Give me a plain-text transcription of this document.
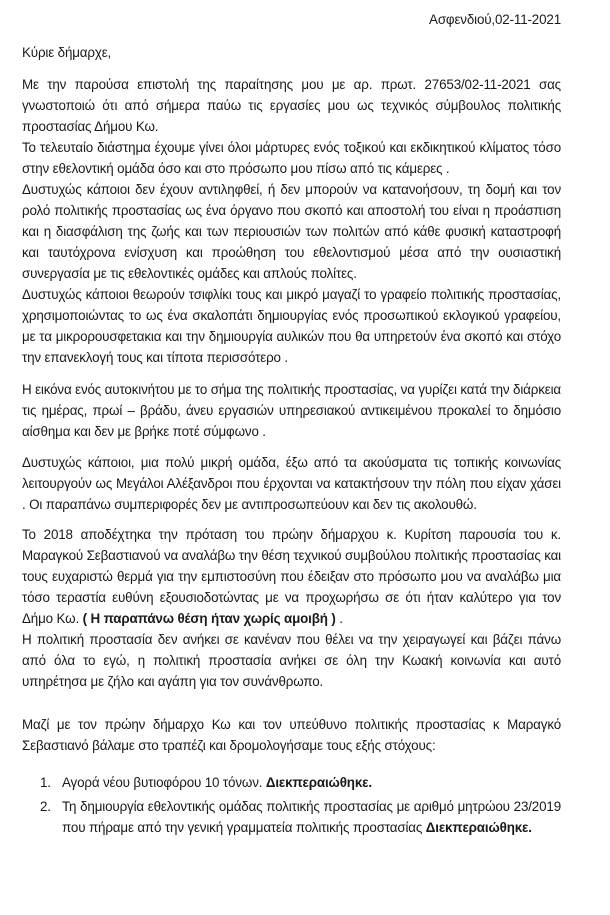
Ασφενδιού,02-11-2021
Κύριε δήμαρχε,

Με την παρούσα επιστολή της παραίτησης μου με αρ. πρωτ. 27653/02-11-2021 σας γνωστοποιώ ότι από σήμερα παύω τις εργασίες μου ως τεχνικός σύμβουλος πολιτικής προστασίας Δήμου Κω.

Το τελευταίο διάστημα έχουμε γίνει όλοι μάρτυρες ενός τοξικού και εκδικητικού κλίματος τόσο στην εθελοντική ομάδα όσο και στο πρόσωπο μου πίσω από τις κάμερες .

Δυστυχώς κάποιοι δεν έχουν αντιληφθεί, ή δεν μπορούν να κατανοήσουν, τη δομή και τον ρολό πολιτικής προστασίας ως ένα όργανο που σκοπό και αποστολή του είναι η προάσπιση και η διασφάλιση της ζωής και των περιουσιών των πολιτών από κάθε φυσική καταστροφή και ταυτόχρονα ενίσχυση και προώθηση του εθελοντισμού μέσα από την ουσιαστική συνεργασία με τις εθελοντικές ομάδες και απλούς πολίτες.

Δυστυχώς κάποιοι θεωρούν τσιφλίκι τους και μικρό μαγαζί το γραφείο πολιτικής προστασίας, χρησιμοποιώντας το ως ένα σκαλοπάτι δημιουργίας ενός προσωπικού εκλογικού γραφείου, με τα μικρορουσφετακια και την δημιουργία αυλικών που θα υπηρετούν ένα σκοπό και στόχο την επανεκλογή τους και τίποτα περισσότερο .

Η εικόνα ενός αυτοκινήτου με το σήμα της πολιτικής προστασίας, να γυρίζει κατά την διάρκεια τις ημέρας, πρωί – βράδυ, άνευ εργασιών υπηρεσιακού αντικειμένου προκαλεί το δημόσιο αίσθημα και δεν με βρήκε ποτέ σύμφωνο .

Δυστυχώς κάποιοι, μια πολύ μικρή ομάδα, έξω από τα ακούσματα τις τοπικής κοινωνίας λειτουργούν ως Μεγάλοι Αλέξανδροι που έρχονται να κατακτήσουν την πόλη που είχαν χάσει . Οι παραπάνω συμπεριφορές δεν με αντιπροσωπεύουν και δεν τις ακολουθώ.

Το 2018 αποδέχτηκα την πρόταση του πρώην δήμαρχου κ. Κυρίτση παρουσία του κ. Μαραγκού Σεβαστιανού να αναλάβω την θέση τεχνικού συμβούλου πολιτικής προστασίας και τους ευχαριστώ θερμά για την εμπιστοσύνη που έδειξαν στο πρόσωπο μου να αναλάβω μια τόσο τεραστία ευθύνη εξουσιοδοτώντας με να προχωρήσω σε ότι ήταν καλύτερο για τον Δήμο Κω. ( Η παραπάνω θέση ήταν χωρίς αμοιβή ) .

Η πολιτική προστασία δεν ανήκει σε κανέναν που θέλει να την χειραγωγεί και βάζει πάνω από όλα το εγώ, η πολιτική προστασία ανήκει σε όλη την Κωακή κοινωνία και αυτό υπηρέτησα με ζήλο και αγάπη για τον συνάνθρωπο.

Μαζί με τον πρώην δήμαρχο Κω και τον υπεύθυνο πολιτικής προστασίας κ Μαραγκό Σεβαστιανό βάλαμε στο τραπέζι και δρομολογήσαμε τους εξής στόχους:

1. Αγορά νέου βυτιοφόρου 10 τόνων. Διεκπεραιώθηκε.
2. Τη δημιουργία εθελοντικής ομάδας πολιτικής προστασίας με αριθμό μητρώου 23/2019 που πήραμε από την γενική γραμματεία πολιτικής προστασίας Διεκπεραιώθηκε.
